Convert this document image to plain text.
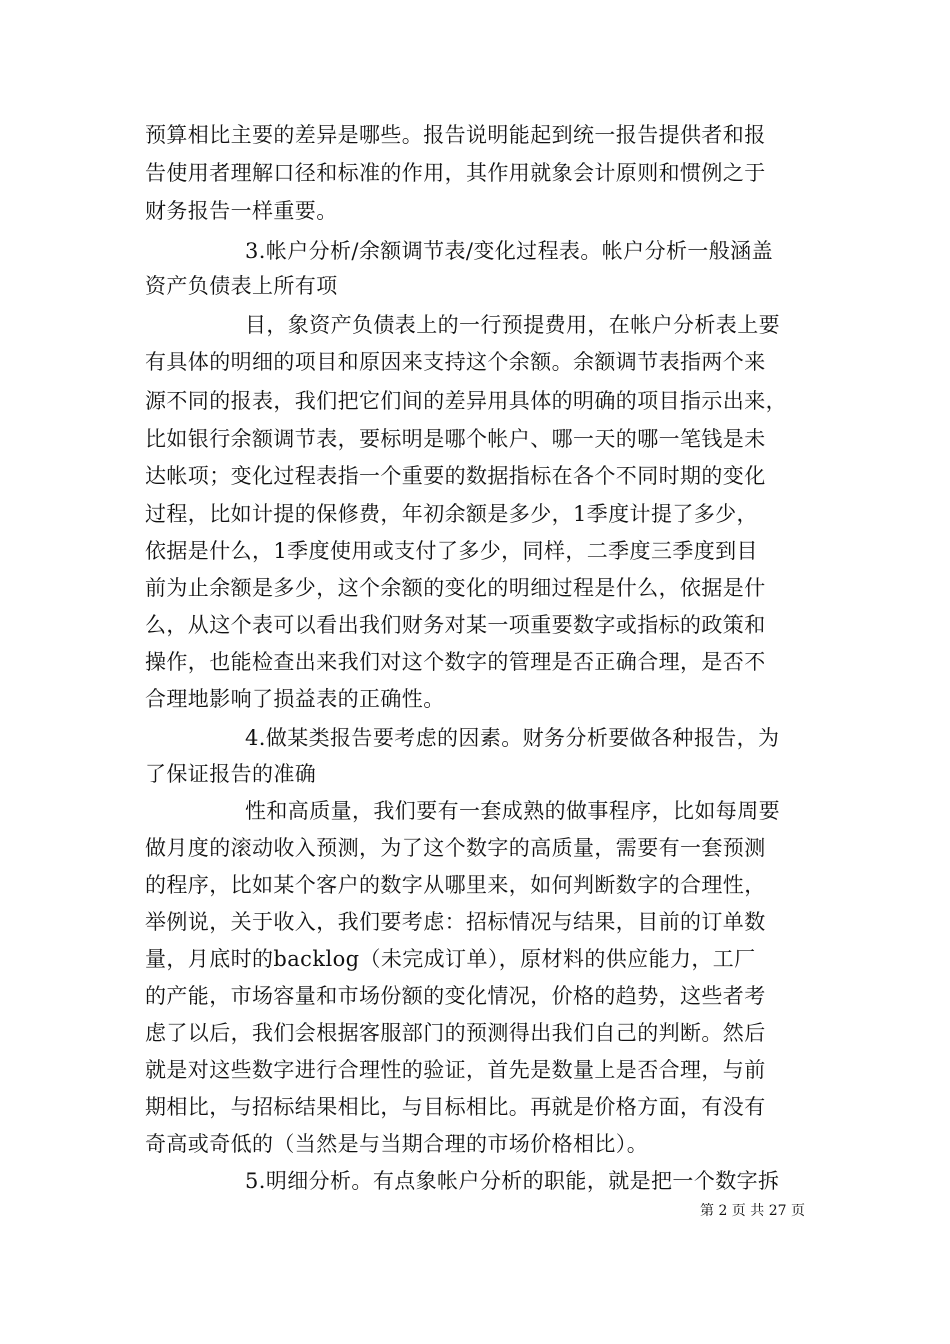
预算相比主要的差异是哪些。报告说明能起到统一报告提供者和报
告使用者理解口径和标准的作用，其作用就象会计原则和惯例之于
财务报告一样重要。
3.帐户分析/余额调节表/变化过程表。帐户分析一般涵盖
资产负债表上所有项
目，象资产负债表上的一行预提费用，在帐户分析表上要
有具体的明细的项目和原因来支持这个余额。余额调节表指两个来
源不同的报表，我们把它们间的差异用具体的明确的项目指示出来，
比如银行余额调节表，要标明是哪个帐户、哪一天的哪一笔钱是未
达帐项；变化过程表指一个重要的数据指标在各个不同时期的变化
过程，比如计提的保修费，年初余额是多少，1季度计提了多少，
依据是什么，1季度使用或支付了多少，同样，二季度三季度到目
前为止余额是多少，这个余额的变化的明细过程是什么，依据是什
么，从这个表可以看出我们财务对某一项重要数字或指标的政策和
操作，也能检查出来我们对这个数字的管理是否正确合理，是否不
合理地影响了损益表的正确性。
4.做某类报告要考虑的因素。财务分析要做各种报告，为
了保证报告的准确
性和高质量，我们要有一套成熟的做事程序，比如每周要
做月度的滚动收入预测，为了这个数字的高质量，需要有一套预测
的程序，比如某个客户的数字从哪里来，如何判断数字的合理性，
举例说，关于收入，我们要考虑：招标情况与结果，目前的订单数
量，月底时的backlog（未完成订单），原材料的供应能力，工厂
的产能，市场容量和市场份额的变化情况，价格的趋势，这些者考
虑了以后，我们会根据客服部门的预测得出我们自己的判断。然后
就是对这些数字进行合理性的验证，首先是数量上是否合理，与前
期相比，与招标结果相比，与目标相比。再就是价格方面，有没有
奇高或奇低的（当然是与当期合理的市场价格相比）。
5.明细分析。有点象帐户分析的职能，就是把一个数字拆
第 2 页 共 27 页
